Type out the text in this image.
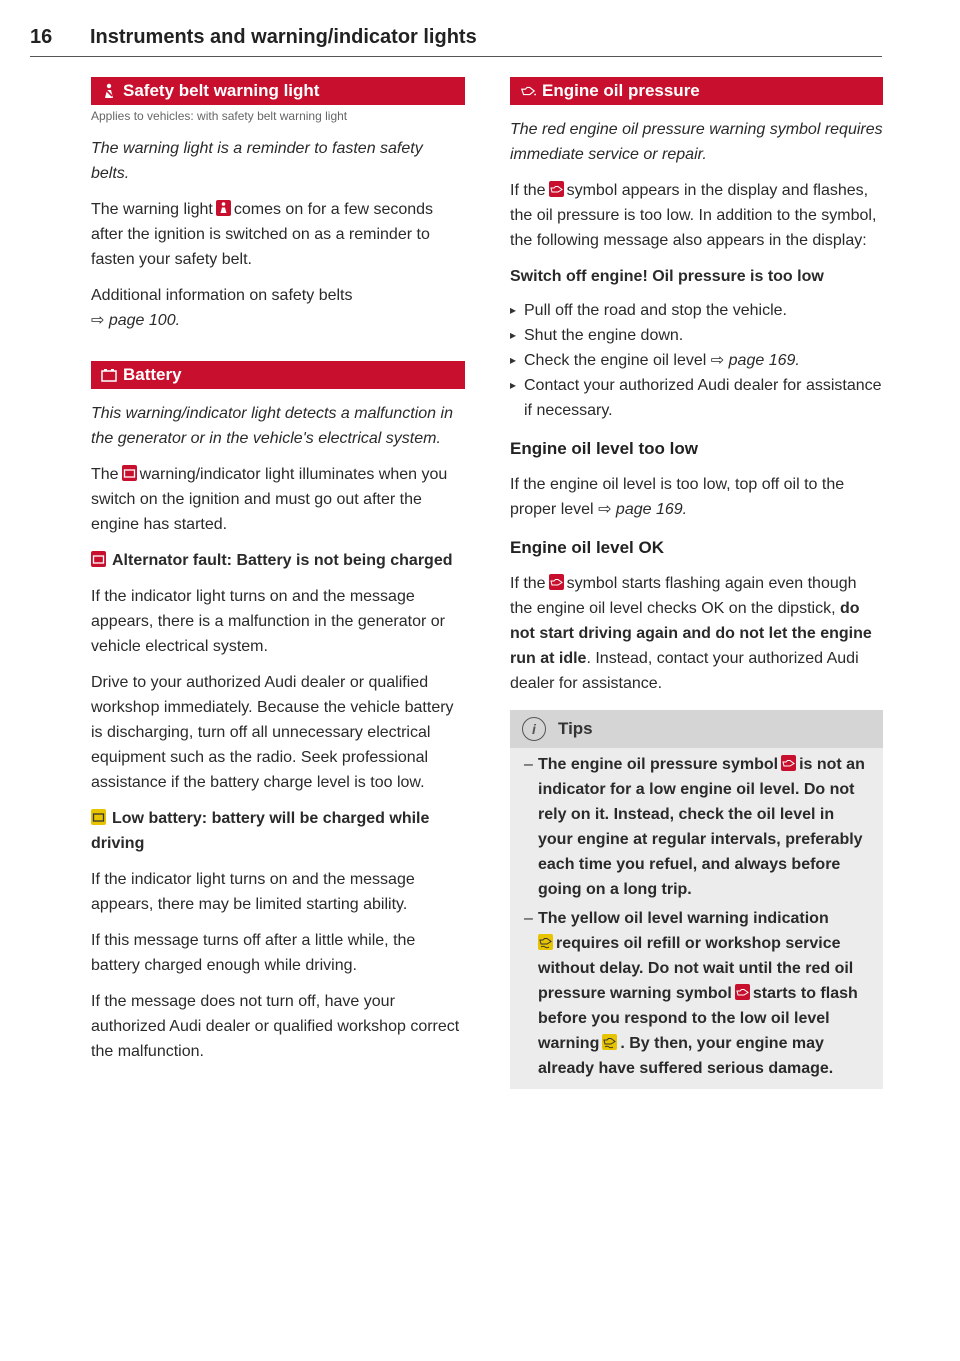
16 Instruments and warning/indicator lights
Safety belt warning light

Applies to vehicles: with safety belt warning light

The warning light is a reminder to fasten safety belts.

The warning light comes on for a few seconds after the ignition is switched on as a reminder to fasten your safety belt.

Additional information on safety belts
⇨ page 100.

Battery

This warning/indicator light detects a malfunction in the generator or in the vehicle's electrical system.

The warning/indicator light illuminates when you switch on the ignition and must go out after the engine has started.

Alternator fault: Battery is not being charged

If the indicator light turns on and the message appears, there is a malfunction in the generator or vehicle electrical system.

Drive to your authorized Audi dealer or qualified workshop immediately. Because the vehicle battery is discharging, turn off all unnecessary electrical equipment such as the radio. Seek professional assistance if the battery charge level is too low.

Low battery: battery will be charged while driving

If the indicator light turns on and the message appears, there may be limited starting ability.

If this message turns off after a little while, the battery charged enough while driving.

If the message does not turn off, have your authorized Audi dealer or qualified workshop correct the malfunction.

Engine oil pressure

The red engine oil pressure warning symbol requires immediate service or repair.

If the symbol appears in the display and flashes, the oil pressure is too low. In addition to the symbol, the following message also appears in the display:

Switch off engine! Oil pressure is too low

▸ Pull off the road and stop the vehicle.
▸ Shut the engine down.
▸ Check the engine oil level ⇨ page 169.
▸ Contact your authorized Audi dealer for assistance if necessary.
Engine oil level too low

If the engine oil level is too low, top off oil to the proper level ⇨ page 169.

Engine oil level OK

If the symbol starts flashing again even though the engine oil level checks OK on the dipstick, do not start driving again and do not let the engine run at idle. Instead, contact your authorized Audi dealer for assistance.

i	Tips

– The engine oil pressure symbol is not an indicator for a low engine oil level. Do not rely on it. Instead, check the oil level in your engine at regular intervals, preferably each time you refuel, and always before going on a long trip.

– The yellow oil level warning indication

requires oil refill or workshop service without delay. Do not wait until the red oil pressure warning symbol starts to flash before you respond to the low oil level warning . By then, your engine may already have suffered serious damage.
